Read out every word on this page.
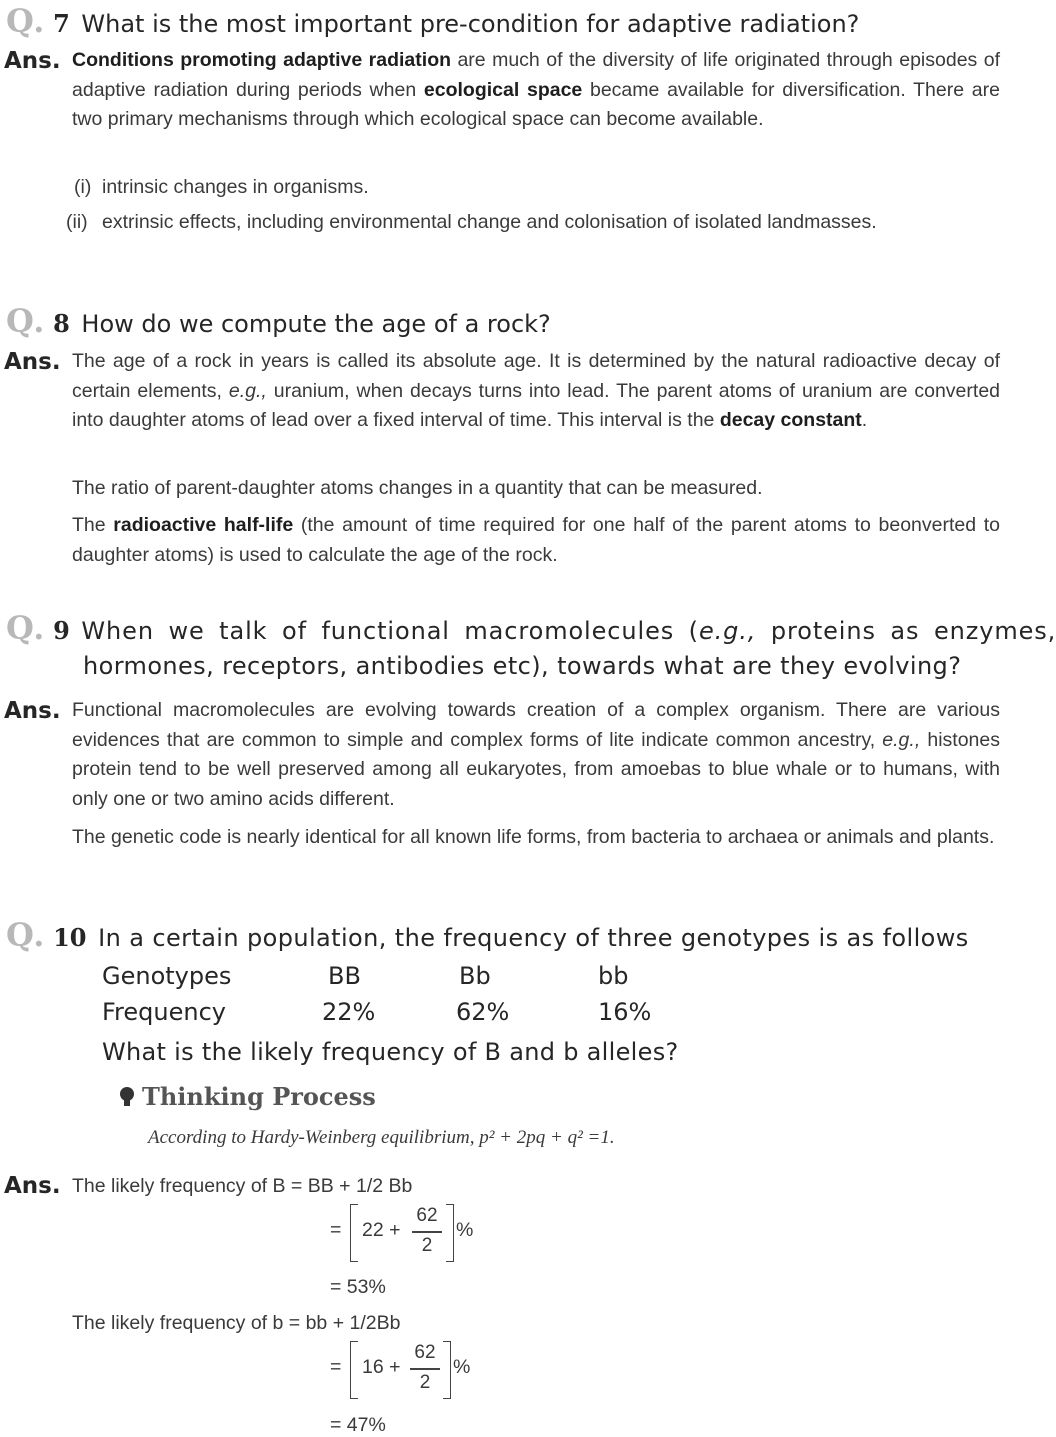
Q. 7 What is the most important pre-condition for adaptive radiation?
Ans. Conditions promoting adaptive radiation are much of the diversity of life originated through episodes of adaptive radiation during periods when ecological space became available for diversification. There are two primary mechanisms through which ecological space can become available.
(i) intrinsic changes in organisms.
(ii) extrinsic effects, including environmental change and colonisation of isolated landmasses.
Q. 8 How do we compute the age of a rock?
Ans. The age of a rock in years is called its absolute age. It is determined by the natural radioactive decay of certain elements, e.g., uranium, when decays turns into lead. The parent atoms of uranium are converted into daughter atoms of lead over a fixed interval of time. This interval is the decay constant.
The ratio of parent-daughter atoms changes in a quantity that can be measured.
The radioactive half-life (the amount of time required for one half of the parent atoms to beonverted to daughter atoms) is used to calculate the age of the rock.
Q. 9 When we talk of functional macromolecules (e.g., proteins as enzymes,
hormones, receptors, antibodies etc), towards what are they evolving?
Ans. Functional macromolecules are evolving towards creation of a complex organism. There are various evidences that are common to simple and complex forms of lite indicate common ancestry, e.g., histones protein tend to be well preserved among all eukaryotes, from amoebas to blue whale or to humans, with only one or two amino acids different.
The genetic code is nearly identical for all known life forms, from bacteria to archaea or animals and plants.
Q. 10 In a certain population, the frequency of three genotypes is as follows
Genotypes	BB	Bb	bb
Frequency	22%	62%	16%
What is the likely frequency of B and b alleles?
Thinking Process
According to Hardy-Weinberg equilibrium, p² + 2pq + q² =1.
Ans. The likely frequency of B = BB + 1/2 Bb
= 22 +
62
2
%
= 53%
The likely frequency of b = bb + 1/2Bb
= 16 +
62
2
%
= 47%
